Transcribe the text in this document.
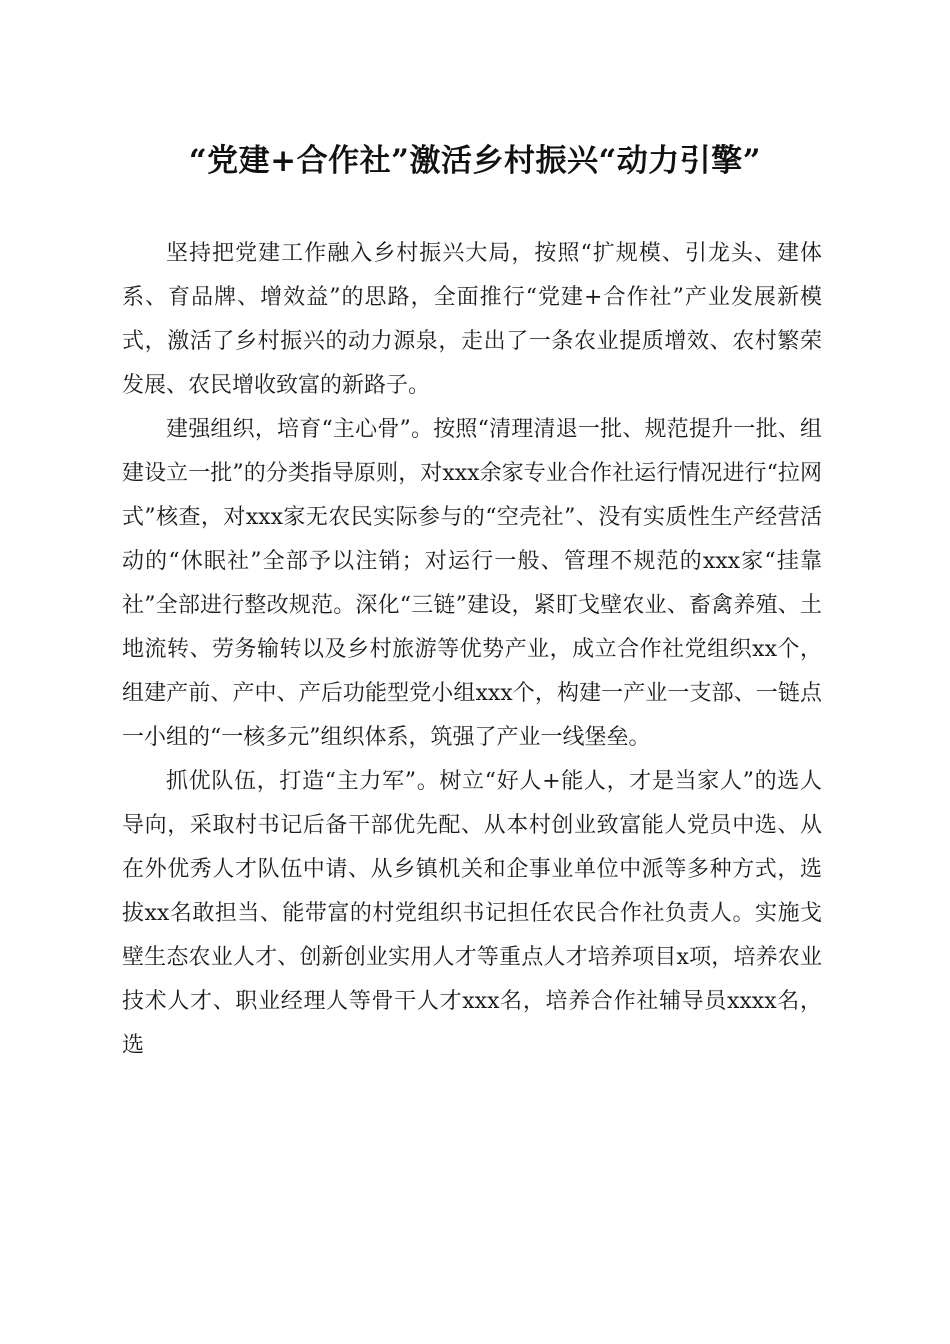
“党建+合作社”激活乡村振兴“动力引擎”

坚持把党建工作融入乡村振兴大局，按照“扩规模、引龙头、建体系、育品牌、增效益”的思路，全面推行“党建+合作社”产业发展新模式，激活了乡村振兴的动力源泉，走出了一条农业提质增效、农村繁荣发展、农民增收致富的新路子。

建强组织，培育“主心骨”。按照“清理清退一批、规范提升一批、组建设立一批”的分类指导原则，对xxx余家专业合作社运行情况进行“拉网式”核查，对xxx家无农民实际参与的“空壳社”、没有实质性生产经营活动的“休眠社”全部予以注销；对运行一般、管理不规范的xxx家“挂靠社”全部进行整改规范。深化“三链”建设，紧盯戈壁农业、畜禽养殖、土地流转、劳务输转以及乡村旅游等优势产业，成立合作社党组织xx个，组建产前、产中、产后功能型党小组xxx个，构建一产业一支部、一链点一小组的“一核多元”组织体系，筑强了产业一线堡垒。

抓优队伍，打造“主力军”。树立“好人+能人，才是当家人”的选人导向，采取村书记后备干部优先配、从本村创业致富能人党员中选、从在外优秀人才队伍中请、从乡镇机关和企事业单位中派等多种方式，选拔xx名敢担当、能带富的村党组织书记担任农民合作社负责人。实施戈壁生态农业人才、创新创业实用人才等重点人才培养项目x项，培养农业技术人才、职业经理人等骨干人才xxx名，培养合作社辅导员xxxx名，选
